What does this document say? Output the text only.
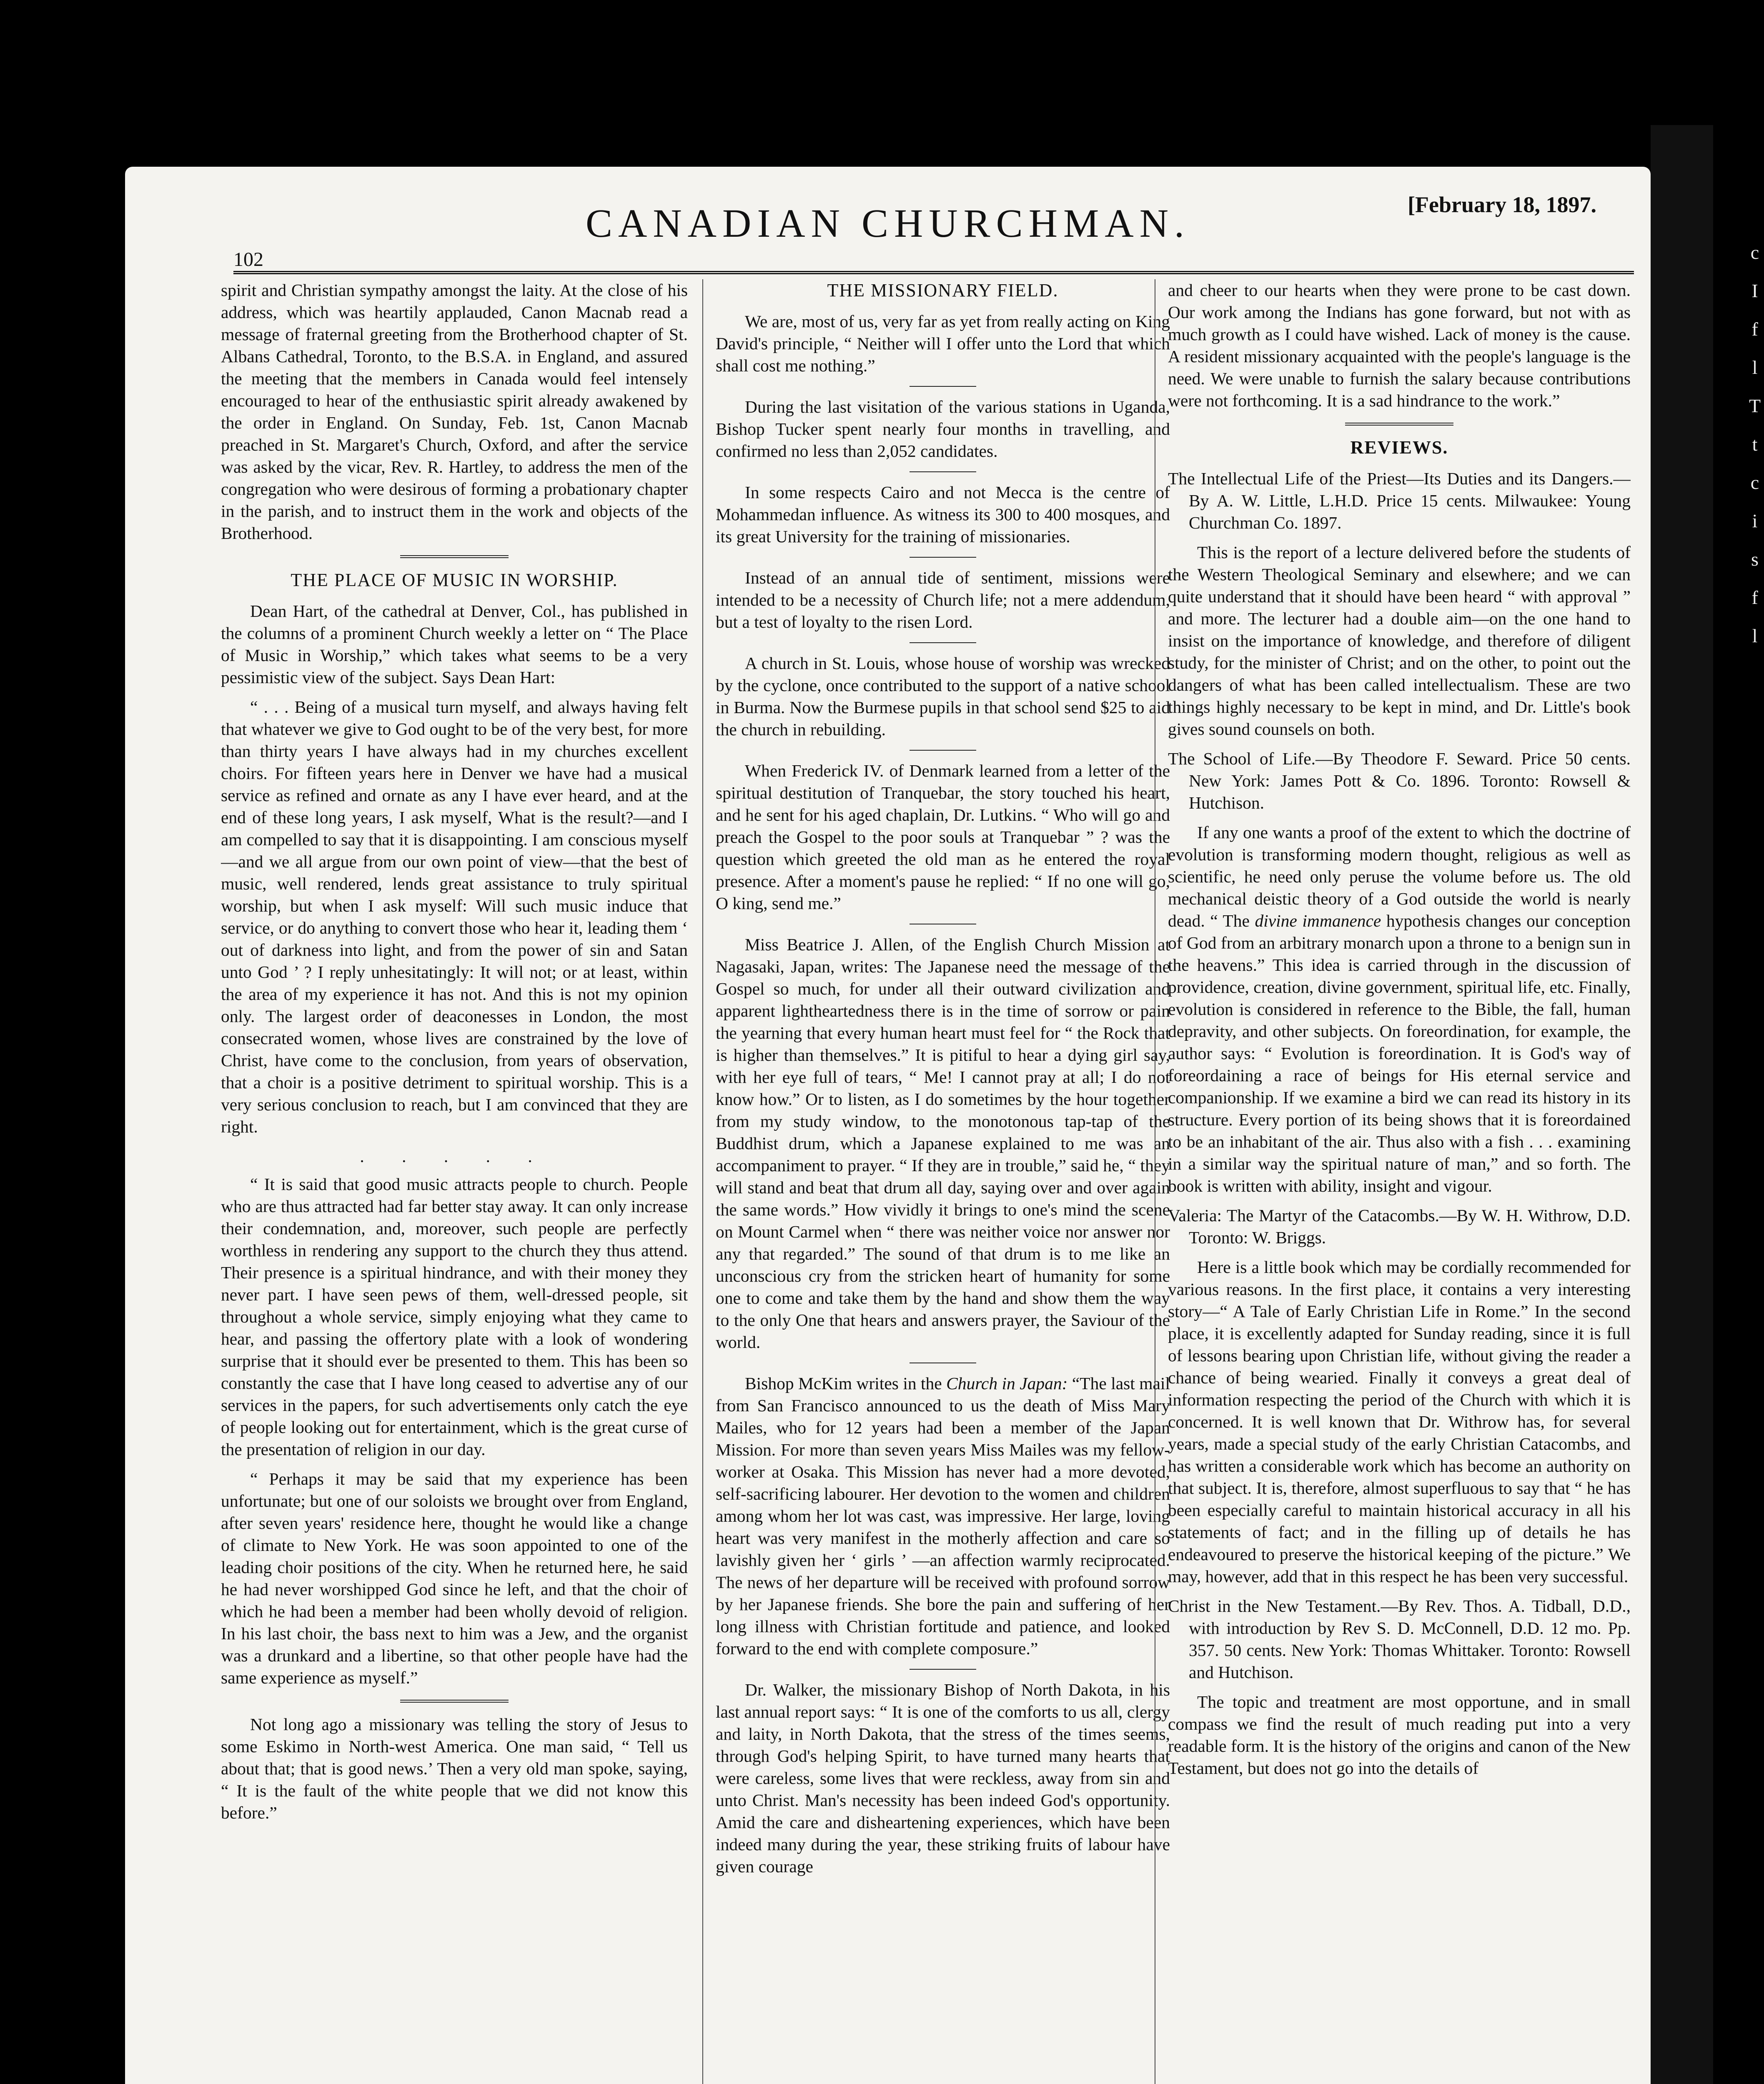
c
I
f
l
T
t
c
i
s
f
l
CANADIAN CHURCHMAN.	[February 18, 1897.
102

spirit and Christian sympathy amongst the laity. At the close of his address, which was heartily applauded, Canon Macnab read a message of fraternal greeting from the Brotherhood chapter of St. Albans Cathedral, Toronto, to the B.S.A. in England, and assured the meeting that the members in Canada would feel intensely encouraged to hear of the enthusiastic spirit already awakened by the order in England. On Sunday, Feb. 1st, Canon Macnab preached in St. Margaret's Church, Oxford, and after the service was asked by the vicar, Rev. R. Hartley, to address the men of the congregation who were desirous of forming a probationary chapter in the parish, and to instruct them in the work and objects of the Brotherhood.

THE PLACE OF MUSIC IN WORSHIP.

Dean Hart, of the cathedral at Denver, Col., has published in the columns of a prominent Church weekly a letter on “ The Place of Music in Worship,” which takes what seems to be a very pessimistic view of the subject. Says Dean Hart:

“ . . . Being of a musical turn myself, and always having felt that whatever we give to God ought to be of the very best, for more than thirty years I have always had in my churches excellent choirs. For fifteen years here in Denver we have had a musical service as refined and ornate as any I have ever heard, and at the end of these long years, I ask myself, What is the result?—and I am compelled to say that it is disappointing. I am conscious myself—and we all argue from our own point of view—that the best of music, well rendered, lends great assistance to truly spiritual worship, but when I ask myself: Will such music induce that service, or do anything to convert those who hear it, leading them ‘ out of darkness into light, and from the power of sin and Satan unto God ’ ? I reply unhesitatingly: It will not; or at least, within the area of my experience it has not. And this is not my opinion only. The largest order of deaconesses in London, the most consecrated women, whose lives are constrained by the love of Christ, have come to the conclusion, from years of observation, that a choir is a positive detriment to spiritual worship. This is a very serious conclusion to reach, but I am convinced that they are right.

. . . . .

“ It is said that good music attracts people to church. People who are thus attracted had far better stay away. It can only increase their condemnation, and, moreover, such people are perfectly worthless in rendering any support to the church they thus attend. Their presence is a spiritual hindrance, and with their money they never part. I have seen pews of them, well-dressed people, sit throughout a whole service, simply enjoying what they came to hear, and passing the offertory plate with a look of wondering surprise that it should ever be presented to them. This has been so constantly the case that I have long ceased to advertise any of our services in the papers, for such advertisements only catch the eye of people looking out for entertainment, which is the great curse of the presentation of religion in our day.

“ Perhaps it may be said that my experience has been unfortunate; but one of our soloists we brought over from England, after seven years' residence here, thought he would like a change of climate to New York. He was soon appointed to one of the leading choir positions of the city. When he returned here, he said he had never worshipped God since he left, and that the choir of which he had been a member had been wholly devoid of religion. In his last choir, the bass next to him was a Jew, and the organist was a drunkard and a libertine, so that other people have had the same experience as myself.”

Not long ago a missionary was telling the story of Jesus to some Eskimo in North-west America. One man said, “ Tell us about that; that is good news.’ Then a very old man spoke, saying, “ It is the fault of the white people that we did not know this before.”

THE MISSIONARY FIELD.

We are, most of us, very far as yet from really acting on King David's principle, “ Neither will I offer unto the Lord that which shall cost me nothing.”

During the last visitation of the various stations in Uganda, Bishop Tucker spent nearly four months in travelling, and confirmed no less than 2,052 candidates.

In some respects Cairo and not Mecca is the centre of Mohammedan influence. As witness its 300 to 400 mosques, and its great University for the training of missionaries.

Instead of an annual tide of sentiment, missions were intended to be a necessity of Church life; not a mere addendum, but a test of loyalty to the risen Lord.

A church in St. Louis, whose house of worship was wrecked by the cyclone, once contributed to the support of a native school in Burma. Now the Burmese pupils in that school send $25 to aid the church in rebuilding.

When Frederick IV. of Denmark learned from a letter of the spiritual destitution of Tranquebar, the story touched his heart, and he sent for his aged chaplain, Dr. Lutkins. “ Who will go and preach the Gospel to the poor souls at Tranquebar ” ? was the question which greeted the old man as he entered the royal presence. After a moment's pause he replied: “ If no one will go, O king, send me.”

Miss Beatrice J. Allen, of the English Church Mission at Nagasaki, Japan, writes: The Japanese need the message of the Gospel so much, for under all their outward civilization and apparent lightheartedness there is in the time of sorrow or pain the yearning that every human heart must feel for “ the Rock that is higher than themselves.” It is pitiful to hear a dying girl say, with her eye full of tears, “ Me! I cannot pray at all; I do not know how.” Or to listen, as I do sometimes by the hour together from my study window, to the monotonous tap-tap of the Buddhist drum, which a Japanese explained to me was an accompaniment to prayer. “ If they are in trouble,” said he, “ they will stand and beat that drum all day, saying over and over again the same words.” How vividly it brings to one's mind the scene on Mount Carmel when “ there was neither voice nor answer nor any that regarded.” The sound of that drum is to me like an unconscious cry from the stricken heart of humanity for some one to come and take them by the hand and show them the way to the only One that hears and answers prayer, the Saviour of the world.

Bishop McKim writes in the Church in Japan: “The last mail from San Francisco announced to us the death of Miss Mary Mailes, who for 12 years had been a member of the Japan Mission. For more than seven years Miss Mailes was my fellow-worker at Osaka. This Mission has never had a more devoted, self-sacrificing labourer. Her devotion to the women and children among whom her lot was cast, was impressive. Her large, loving heart was very manifest in the motherly affection and care so lavishly given her ‘ girls ’ —an affection warmly reciprocated. The news of her departure will be received with profound sorrow by her Japanese friends. She bore the pain and suffering of her long illness with Christian fortitude and patience, and looked forward to the end with complete composure.”

Dr. Walker, the missionary Bishop of North Dakota, in his last annual report says: “ It is one of the comforts to us all, clergy and laity, in North Dakota, that the stress of the times seems, through God's helping Spirit, to have turned many hearts that were careless, some lives that were reckless, away from sin and unto Christ. Man's necessity has been indeed God's opportunity. Amid the care and disheartening experiences, which have been indeed many during the year, these striking fruits of labour have given courage

and cheer to our hearts when they were prone to be cast down. Our work among the Indians has gone forward, but not with as much growth as I could have wished. Lack of money is the cause. A resident missionary acquainted with the people's language is the need. We were unable to furnish the salary because contributions were not forthcoming. It is a sad hindrance to the work.”

REVIEWS.

The Intellectual Life of the Priest—Its Duties and its Dangers.—By A. W. Little, L.H.D. Price 15 cents. Milwaukee: Young Churchman Co. 1897.

This is the report of a lecture delivered before the students of the Western Theological Seminary and elsewhere; and we can quite understand that it should have been heard “ with approval ” and more. The lecturer had a double aim—on the one hand to insist on the importance of knowledge, and therefore of diligent study, for the minister of Christ; and on the other, to point out the dangers of what has been called intellectualism. These are two things highly necessary to be kept in mind, and Dr. Little's book gives sound counsels on both.

The School of Life.—By Theodore F. Seward. Price 50 cents. New York: James Pott & Co. 1896. Toronto: Rowsell & Hutchison.

If any one wants a proof of the extent to which the doctrine of evolution is transforming modern thought, religious as well as scientific, he need only peruse the volume before us. The old mechanical deistic theory of a God outside the world is nearly dead. “ The divine immanence hypothesis changes our conception of God from an arbitrary monarch upon a throne to a benign sun in the heavens.” This idea is carried through in the discussion of providence, creation, divine government, spiritual life, etc. Finally, evolution is considered in reference to the Bible, the fall, human depravity, and other subjects. On foreordination, for example, the author says: “ Evolution is foreordination. It is God's way of foreordaining a race of beings for His eternal service and companionship. If we examine a bird we can read its history in its structure. Every portion of its being shows that it is foreordained to be an inhabitant of the air. Thus also with a fish . . . examining in a similar way the spiritual nature of man,” and so forth. The book is written with ability, insight and vigour.

Valeria: The Martyr of the Catacombs.—By W. H. Withrow, D.D. Toronto: W. Briggs.

Here is a little book which may be cordially recommended for various reasons. In the first place, it contains a very interesting story—“ A Tale of Early Christian Life in Rome.” In the second place, it is excellently adapted for Sunday reading, since it is full of lessons bearing upon Christian life, without giving the reader a chance of being wearied. Finally it conveys a great deal of information respecting the period of the Church with which it is concerned. It is well known that Dr. Withrow has, for several years, made a special study of the early Christian Catacombs, and has written a considerable work which has become an authority on that subject. It is, therefore, almost superfluous to say that “ he has been especially careful to maintain historical accuracy in all his statements of fact; and in the filling up of details he has endeavoured to preserve the historical keeping of the picture.” We may, however, add that in this respect he has been very successful.

Christ in the New Testament.—By Rev. Thos. A. Tidball, D.D., with introduction by Rev S. D. McConnell, D.D. 12 mo. Pp. 357. 50 cents. New York: Thomas Whittaker. Toronto: Rowsell and Hutchison.

The topic and treatment are most opportune, and in small compass we find the result of much reading put into a very readable form. It is the history of the origins and canon of the New Testament, but does not go into the details of
